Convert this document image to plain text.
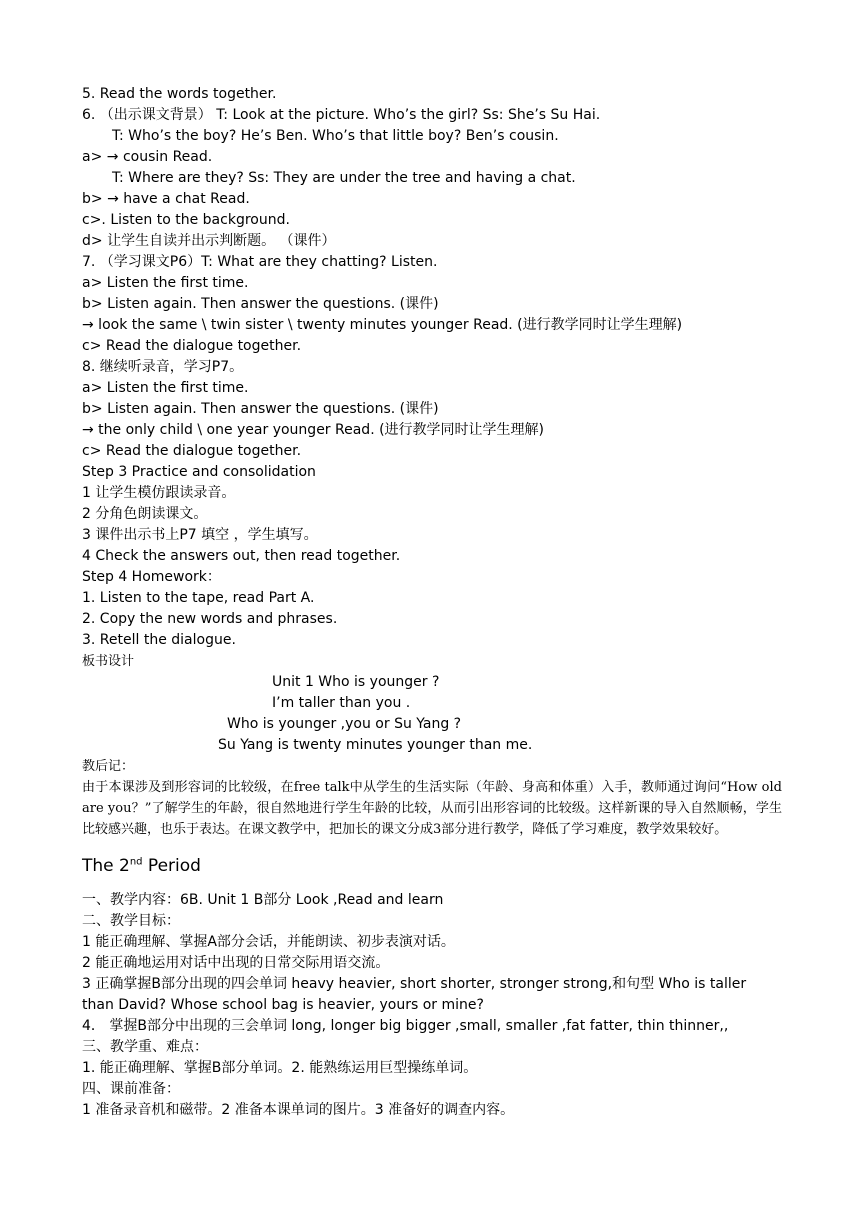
5. Read the words together.
6. （出示课文背景） T: Look at the picture. Who’s the girl? Ss: She’s Su Hai.
T: Who’s the boy? He’s Ben. Who’s that little boy? Ben’s cousin.
a> → cousin Read.
T: Where are they? Ss: They are under the tree and having a chat.
b> → have a chat Read.
c>. Listen to the background.
d> 让学生自读并出示判断题。 （课件）
7. （学习课文P6）T: What are they chatting? Listen.
a> Listen the first time.
b> Listen again. Then answer the questions. (课件)
→ look the same \ twin sister \ twenty minutes younger Read. (进行教学同时让学生理解)
c> Read the dialogue together.
8. 继续听录音，学习P7。
a> Listen the first time.
b> Listen again. Then answer the questions. (课件)
→ the only child \ one year younger Read. (进行教学同时让学生理解)
c> Read the dialogue together.
Step 3 Practice and consolidation
1 让学生模仿跟读录音。
2 分角色朗读课文。
3 课件出示书上P7 填空 ，学生填写。
4 Check the answers out, then read together.
Step 4 Homework：
1. Listen to the tape, read Part A.
2. Copy the new words and phrases.
3. Retell the dialogue.
板书设计
Unit 1 Who is younger ?
I’m taller than you .
Who is younger ,you or Su Yang ?
Su Yang is twenty minutes younger than me.
教后记：
由于本课涉及到形容词的比较级，在free talk中从学生的生活实际（年龄、身高和体重）入手，教师通过询问“How old are you？”了解学生的年龄，很自然地进行学生年龄的比较，从而引出形容词的比较级。这样新课的导入自然顺畅，学生比较感兴趣，也乐于表达。在课文教学中，把加长的课文分成3部分进行教学，降低了学习难度，教学效果较好。
The 2nd Period
一、教学内容：6B. Unit 1 B部分 Look ,Read and learn
二、教学目标：
1 能正确理解、掌握A部分会话，并能朗读、初步表演对话。
2 能正确地运用对话中出现的日常交际用语交流。
3 正确掌握B部分出现的四会单词 heavy heavier, short shorter, stronger strong,和句型 Who is taller than David? Whose school bag is heavier, yours or mine?
4． 掌握B部分中出现的三会单词 long, longer big bigger ,small, smaller ,fat fatter, thin thinner,,
三、教学重、难点：
1. 能正确理解、掌握B部分单词。2. 能熟练运用巨型操练单词。
四、课前准备：
1 准备录音机和磁带。2 准备本课单词的图片。3 准备好的调查内容。
